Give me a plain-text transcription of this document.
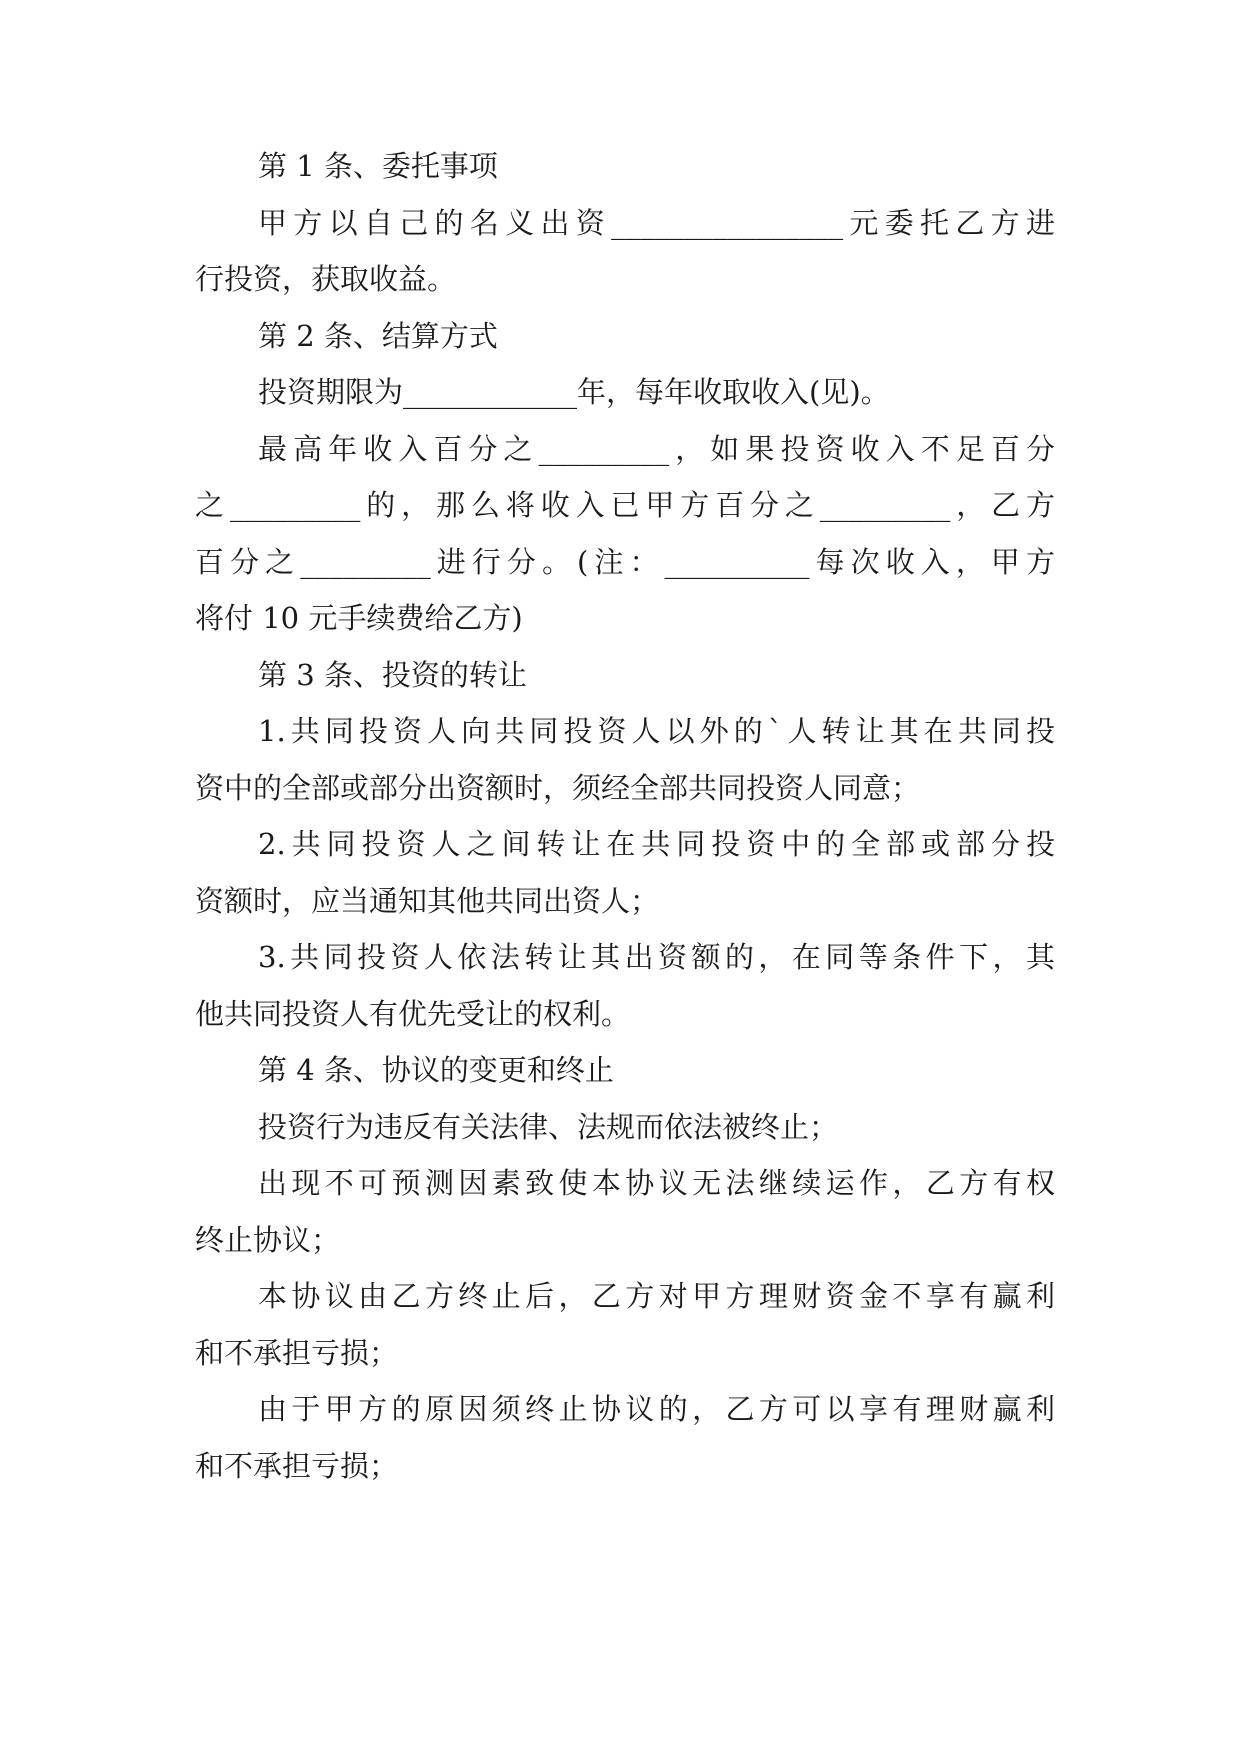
第 1 条、委托事项
甲方以自己的名义出资________________元委托乙方进
行投资，获取收益。
第 2 条、结算方式
投资期限为____________年，每年收取收入(见)。
最高年收入百分之_________，如果投资收入不足百分
之_________的，那么将收入已甲方百分之_________，乙方
百分之_________进行分。(注：__________每次收入，甲方
将付 10 元手续费给乙方)
第 3 条、投资的转让
1.共同投资人向共同投资人以外的`人转让其在共同投
资中的全部或部分出资额时，须经全部共同投资人同意；
2.共同投资人之间转让在共同投资中的全部或部分投
资额时，应当通知其他共同出资人；
3.共同投资人依法转让其出资额的，在同等条件下，其
他共同投资人有优先受让的权利。
第 4 条、协议的变更和终止
投资行为违反有关法律、法规而依法被终止；
出现不可预测因素致使本协议无法继续运作，乙方有权
终止协议；
本协议由乙方终止后，乙方对甲方理财资金不享有赢利
和不承担亏损；
由于甲方的原因须终止协议的，乙方可以享有理财赢利
和不承担亏损；
